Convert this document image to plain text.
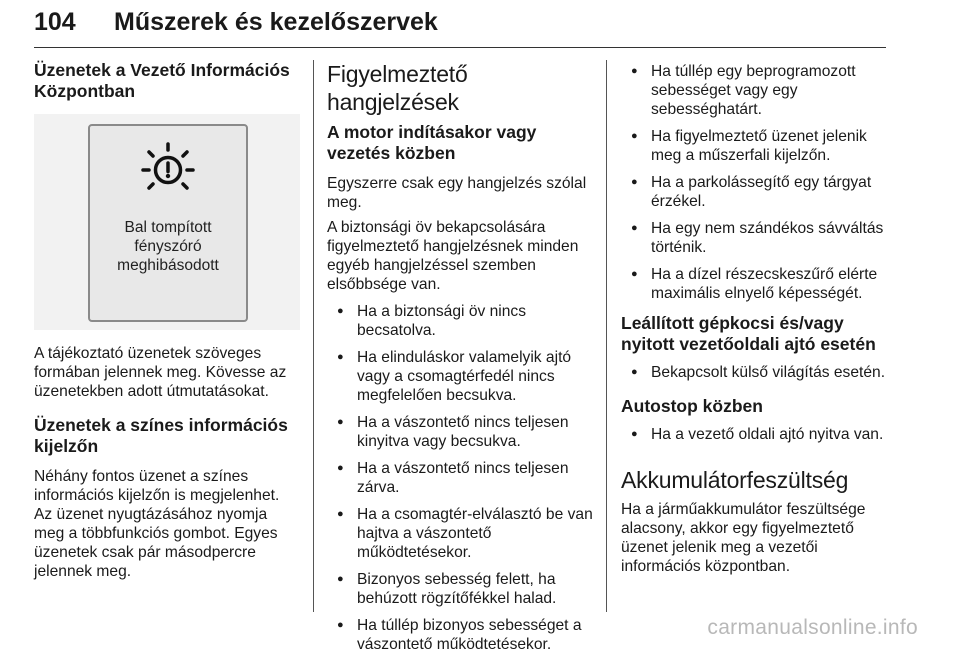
104 Műszerek és kezelőszervek
Üzenetek a Vezető Információs Központban
Bal tompított fényszóró meghibásodott

A tájékoztató üzenetek szöveges formában jelennek meg. Kövesse az üzenetekben adott útmutatásokat.

Üzenetek a színes információs kijelzőn

Néhány fontos üzenet a színes információs kijelzőn is megjelenhet. Az üzenet nyugtázásához nyomja meg a többfunkciós gombot. Egyes üzenetek csak pár másodpercre jelennek meg.

Figyelmeztető hangjelzések
A motor indításakor vagy vezetés közben

Egyszerre csak egy hangjelzés szólal meg.

A biztonsági öv bekapcsolására figyelmeztető hangjelzésnek minden egyéb hangjelzéssel szemben elsőbbsége van.

● Ha a biztonsági öv nincs becsatolva.
● Ha elinduláskor valamelyik ajtó vagy a csomagtérfedél nincs megfelelően becsukva.
● Ha a vászontető nincs teljesen kinyitva vagy becsukva.
● Ha a vászontető nincs teljesen zárva.
● Ha a csomagtér-elválasztó be van hajtva a vászontető működtetésekor.
● Bizonyos sebesség felett, ha behúzott rögzítőfékkel halad.
● Ha túllép bizonyos sebességet a vászontető működtetésekor.
● Ha túllép egy beprogramozott sebességet vagy egy sebességhatárt.
● Ha figyelmeztető üzenet jelenik meg a műszerfali kijelzőn.
● Ha a parkolássegítő egy tárgyat érzékel.
● Ha egy nem szándékos sávváltás történik.
● Ha a dízel részecskeszűrő elérte maximális elnyelő képességét.
Leállított gépkocsi és/vagy nyitott vezetőoldali ajtó esetén
● Bekapcsolt külső világítás esetén.
Autostop közben
● Ha a vezető oldali ajtó nyitva van.
Akkumulátorfeszültség

Ha a járműakkumulátor feszültsége alacsony, akkor egy figyelmeztető üzenet jelenik meg a vezetői információs központban.

carmanualsonline.info
